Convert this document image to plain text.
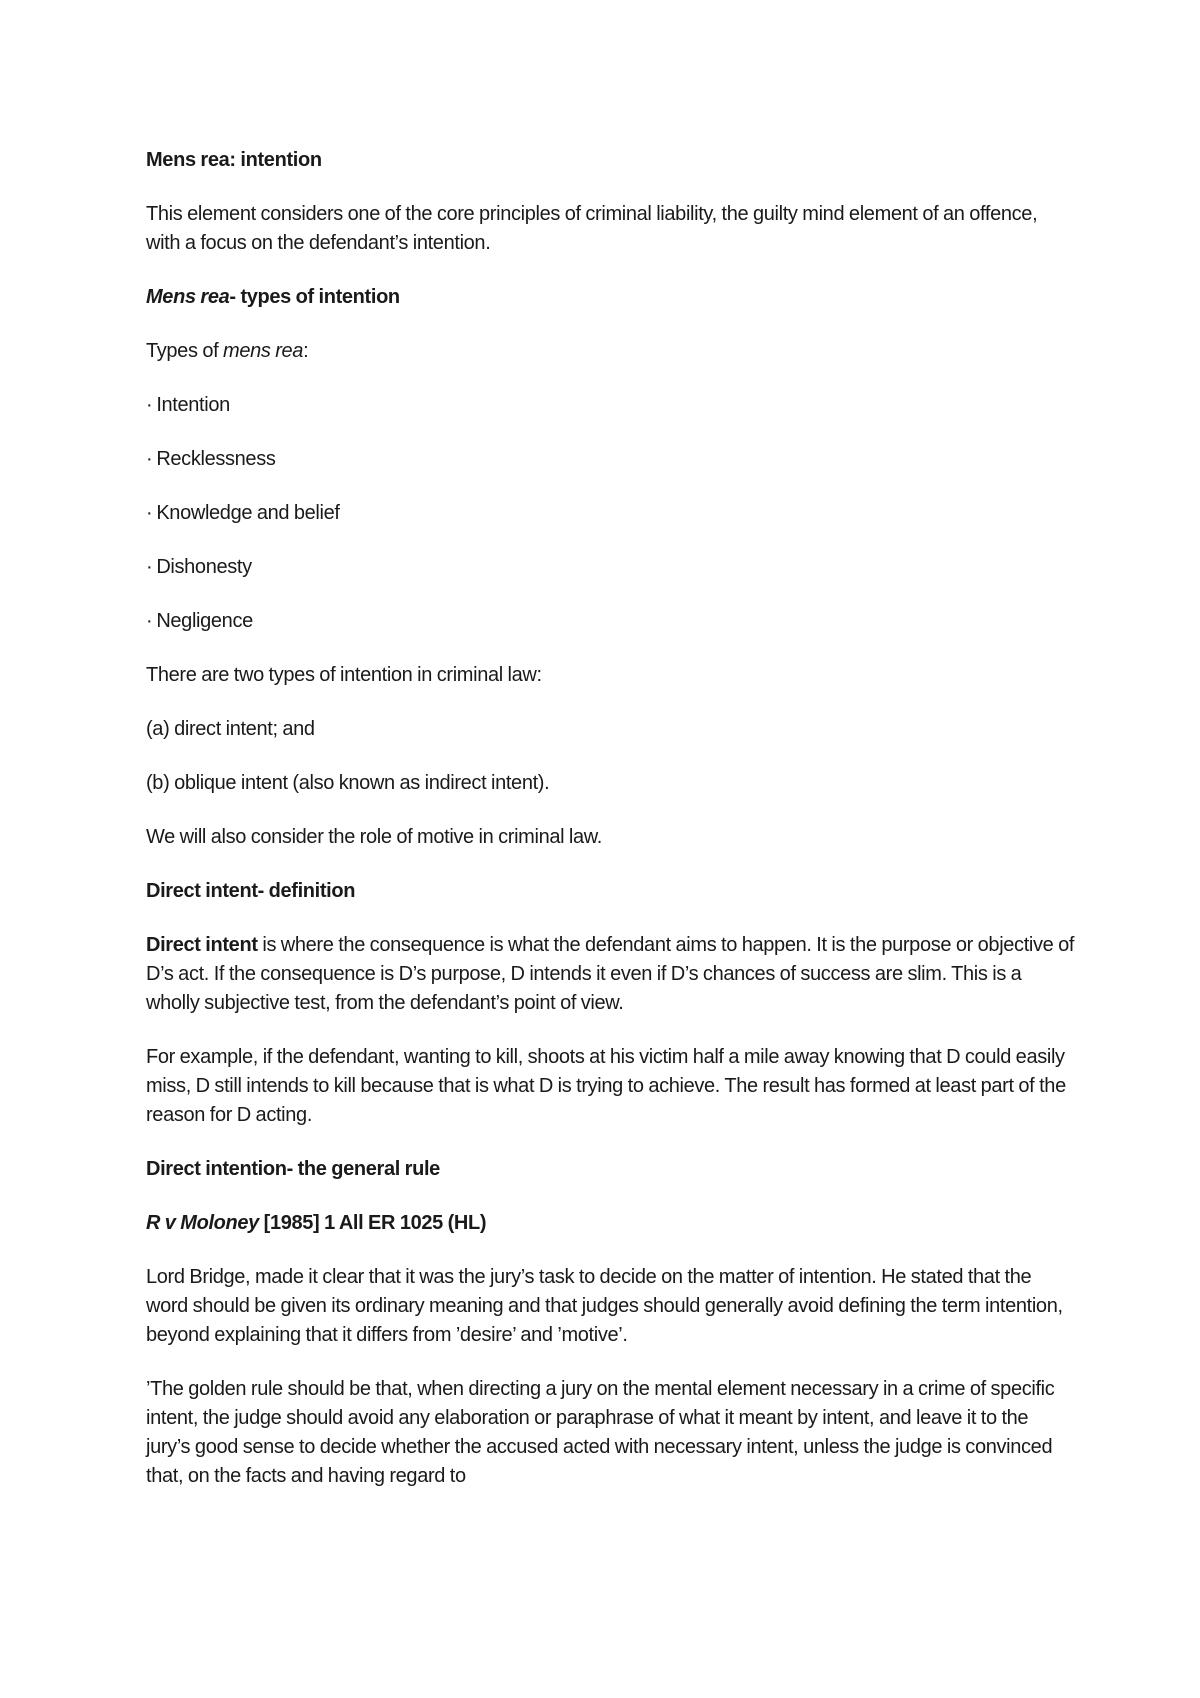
Mens rea: intention

This element considers one of the core principles of criminal liability, the guilty mind element of an offence, with a focus on the defendant’s intention.

Mens rea- types of intention

Types of mens rea:

· Intention
· Recklessness
· Knowledge and belief
· Dishonesty
· Negligence

There are two types of intention in criminal law:

(a) direct intent; and

(b) oblique intent (also known as indirect intent).

We will also consider the role of motive in criminal law.

Direct intent- definition

Direct intent is where the consequence is what the defendant aims to happen. It is the purpose or objective of D’s act. If the consequence is D’s purpose, D intends it even if D’s chances of success are slim. This is a wholly subjective test, from the defendant’s point of view.

For example, if the defendant, wanting to kill, shoots at his victim half a mile away knowing that D could easily miss, D still intends to kill because that is what D is trying to achieve. The result has formed at least part of the reason for D acting.

Direct intention- the general rule

R v Moloney [1985] 1 All ER 1025 (HL)

Lord Bridge, made it clear that it was the jury’s task to decide on the matter of intention. He stated that the word should be given its ordinary meaning and that judges should generally avoid defining the term intention, beyond explaining that it differs from ’desire’ and ’motive’.

’The golden rule should be that, when directing a jury on the mental element necessary in a crime of specific intent, the judge should avoid any elaboration or paraphrase of what it meant by intent, and leave it to the jury’s good sense to decide whether the accused acted with necessary intent, unless the judge is convinced that, on the facts and having regard to
